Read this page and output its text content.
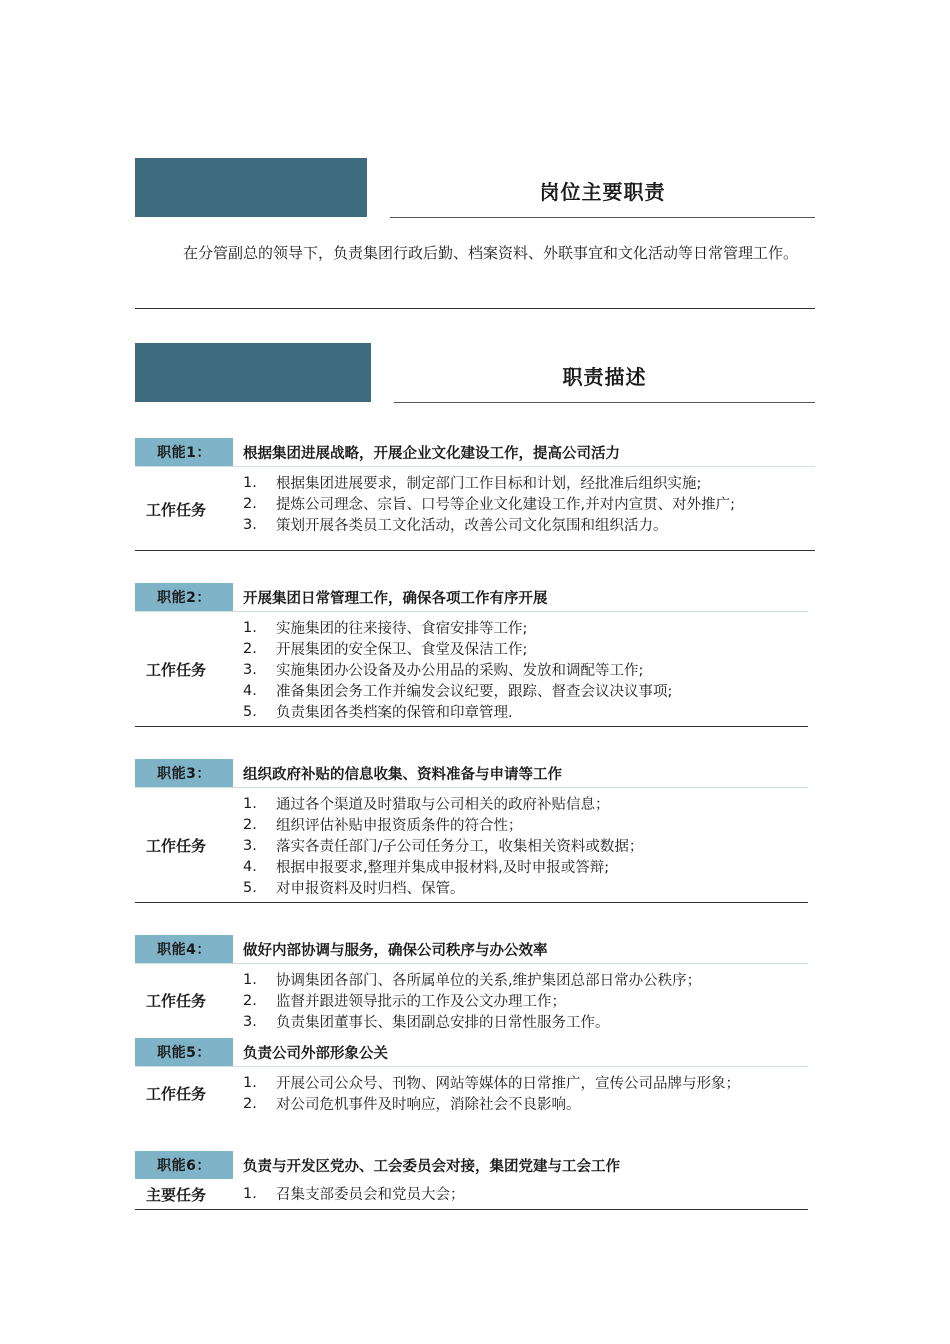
岗位主要职责
在分管副总的领导下，负责集团行政后勤、档案资料、外联事宜和文化活动等日常管理工作。
职责描述
职能1：	根据集团进展战略，开展企业文化建设工作，提高公司活力
工作任务
1.	根据集团进展要求，制定部门工作目标和计划，经批准后组织实施;
2.	提炼公司理念、宗旨、口号等企业文化建设工作,并对内宣贯、对外推广;
3.	策划开展各类员工文化活动，改善公司文化氛围和组织活力。
职能2：	开展集团日常管理工作，确保各项工作有序开展
工作任务
1.	实施集团的往来接待、食宿安排等工作;
2.	开展集团的安全保卫、食堂及保洁工作;
3.	实施集团办公设备及办公用品的采购、发放和调配等工作;
4.	准备集团会务工作并编发会议纪要，跟踪、督查会议决议事项;
5.	负责集团各类档案的保管和印章管理.
职能3：	组织政府补贴的信息收集、资料准备与申请等工作
工作任务
1.	通过各个渠道及时猎取与公司相关的政府补贴信息；
2.	组织评估补贴申报资质条件的符合性；
3.	落实各责任部门/子公司任务分工，收集相关资料或数据；
4.	根据申报要求,整理并集成申报材料,及时申报或答辩;
5.	对申报资料及时归档、保管。
职能4：	做好内部协调与服务，确保公司秩序与办公效率
工作任务
1.	协调集团各部门、各所属单位的关系,维护集团总部日常办公秩序；
2.	监督并跟进领导批示的工作及公文办理工作；
3.	负责集团董事长、集团副总安排的日常性服务工作。
职能5：	负责公司外部形象公关
工作任务
1.	开展公司公众号、刊物、网站等媒体的日常推广，宣传公司品牌与形象；
2.	对公司危机事件及时响应，消除社会不良影响。
职能6：	负责与开发区党办、工会委员会对接，集团党建与工会工作
主要任务	1.	召集支部委员会和党员大会；
